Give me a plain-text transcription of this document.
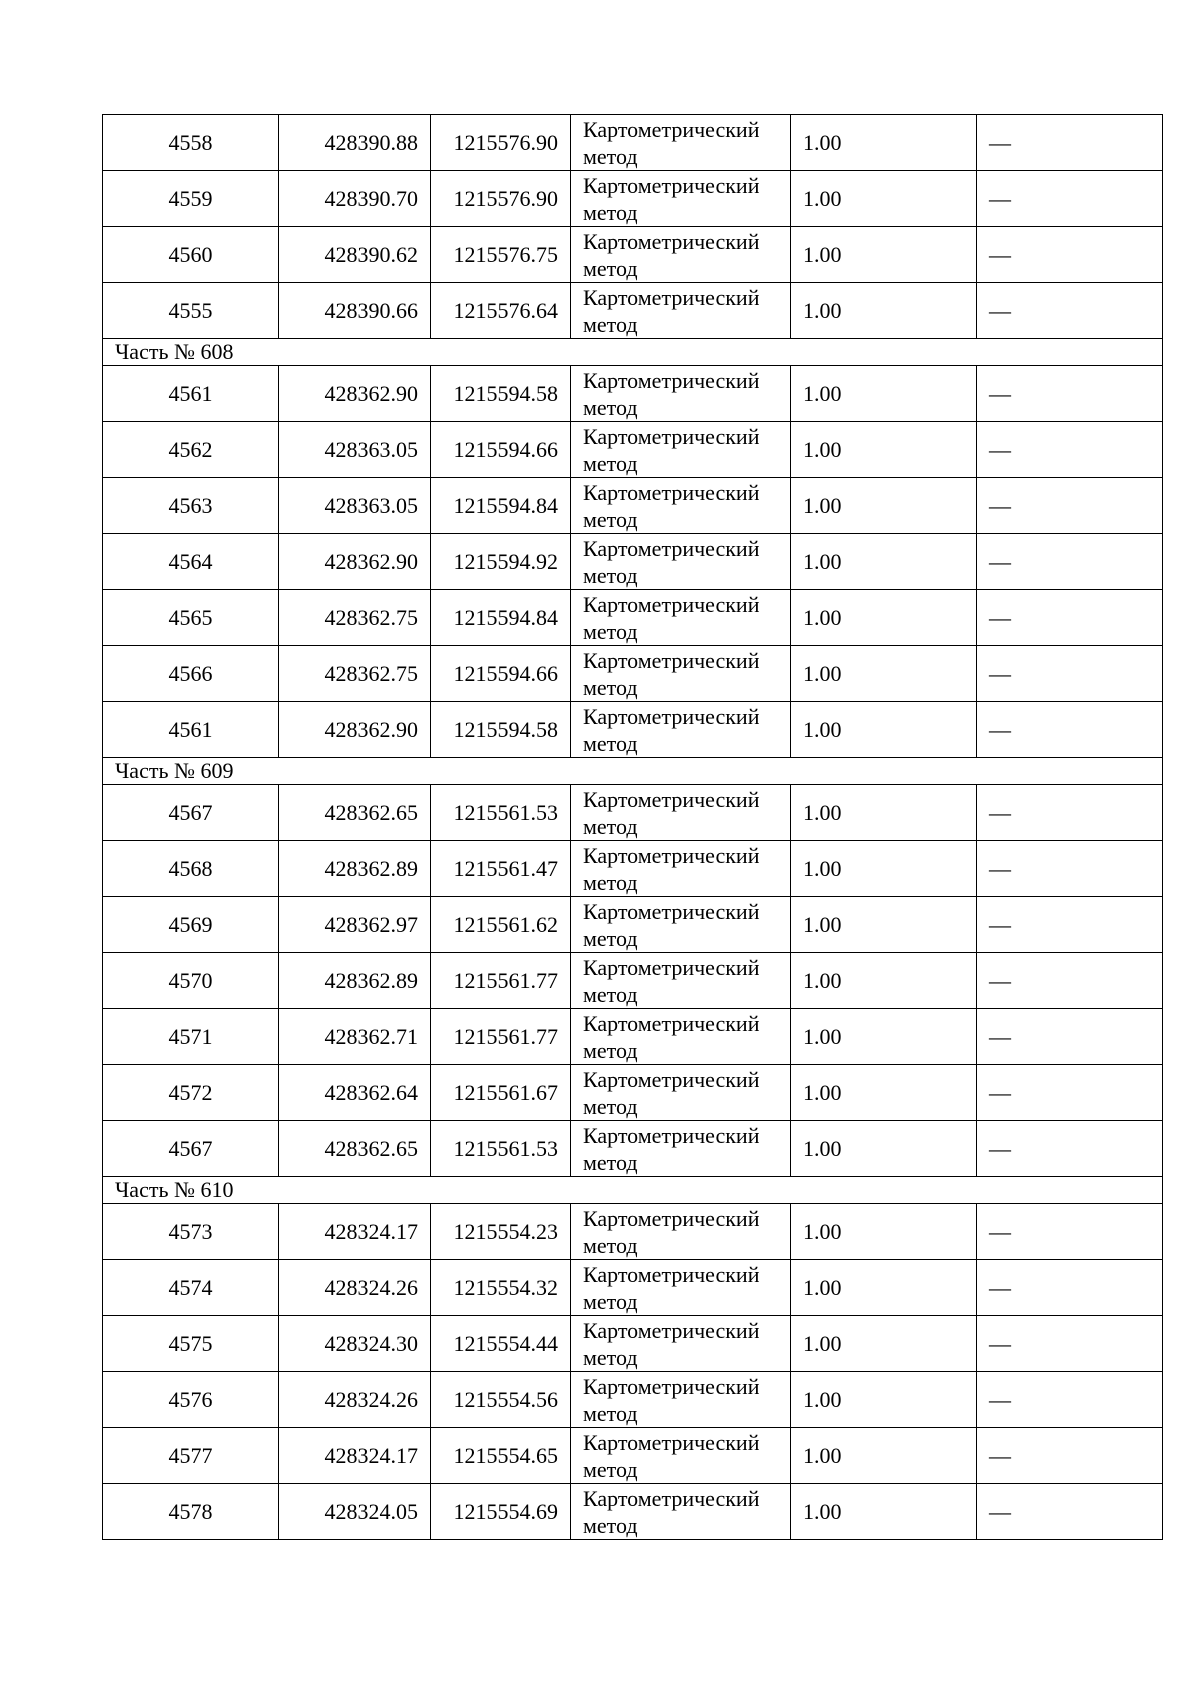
4558	428390.88	1215576.90	Картометрический
метод	1.00	—
4559	428390.70	1215576.90	Картометрический
метод	1.00	—
4560	428390.62	1215576.75	Картометрический
метод	1.00	—
4555	428390.66	1215576.64	Картометрический
метод	1.00	—
Часть № 608					
4561	428362.90	1215594.58	Картометрический
метод	1.00	—
4562	428363.05	1215594.66	Картометрический
метод	1.00	—
4563	428363.05	1215594.84	Картометрический
метод	1.00	—
4564	428362.90	1215594.92	Картометрический
метод	1.00	—
4565	428362.75	1215594.84	Картометрический
метод	1.00	—
4566	428362.75	1215594.66	Картометрический
метод	1.00	—
4561	428362.90	1215594.58	Картометрический
метод	1.00	—
Часть № 609					
4567	428362.65	1215561.53	Картометрический
метод	1.00	—
4568	428362.89	1215561.47	Картометрический
метод	1.00	—
4569	428362.97	1215561.62	Картометрический
метод	1.00	—
4570	428362.89	1215561.77	Картометрический
метод	1.00	—
4571	428362.71	1215561.77	Картометрический
метод	1.00	—
4572	428362.64	1215561.67	Картометрический
метод	1.00	—
4567	428362.65	1215561.53	Картометрический
метод	1.00	—
Часть № 610					
4573	428324.17	1215554.23	Картометрический
метод	1.00	—
4574	428324.26	1215554.32	Картометрический
метод	1.00	—
4575	428324.30	1215554.44	Картометрический
метод	1.00	—
4576	428324.26	1215554.56	Картометрический
метод	1.00	—
4577	428324.17	1215554.65	Картометрический
метод	1.00	—
4578	428324.05	1215554.69	Картометрический
метод	1.00	—
